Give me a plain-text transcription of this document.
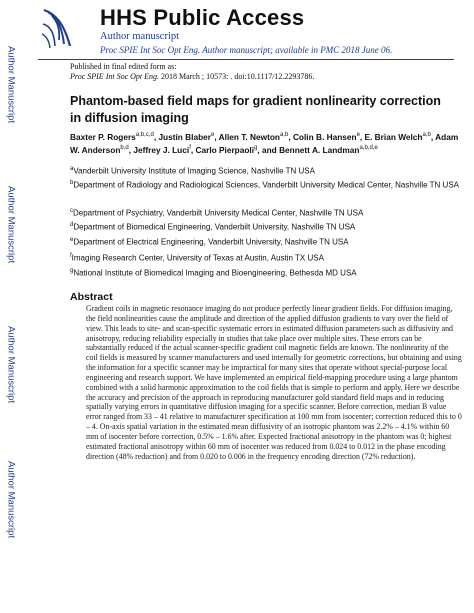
Author Manuscript
Author Manuscript
Author Manuscript
Author Manuscript
HHS Public Access
Author manuscript
Proc SPIE Int Soc Opt Eng. Author manuscript; available in PMC 2018 June 06.
Published in final edited form as:
Proc SPIE Int Soc Opt Eng. 2018 March ; 10573: . doi:10.1117/12.2293786.
Phantom-based field maps for gradient nonlinearity correction in diffusion imaging
Baxter P. Rogers$^{a,b,c,d}$, Justin Blaber$^e$, Allen T. Newton$^{a,b}$, Colin B. Hansen$^e$, E. Brian Welch$^{a,b}$, Adam W. Anderson$^{b,d}$, Jeffrey J. Luci$^f$, Carlo Pierpaoli$^g$, and Bennett A. Landman$^{a,b,d,e}$
$^a$Vanderbilt University Institute of Imaging Science, Nashville TN USA
$^b$Department of Radiology and Radiological Sciences, Vanderbilt University Medical Center, Nashville TN USA
$^c$Department of Psychiatry, Vanderbilt University Medical Center, Nashville TN USA
$^d$Department of Biomedical Engineering, Vanderbilt University, Nashville TN USA
$^e$Department of Electrical Engineering, Vanderbilt University, Nashville TN USA
$^f$Imaging Research Center, University of Texas at Austin, Austin TX USA
$^g$National Institute of Biomedical Imaging and Bioengineering, Bethesda MD USA
Abstract
Gradient coils in magnetic resonance imaging do not produce perfectly linear gradient fields. For diffusion imaging, the field nonlinearities cause the amplitude and direction of the applied diffusion gradients to vary over the field of view. This leads to site- and scan-specific systematic errors in estimated diffusion parameters such as diffusivity and anisotropy, reducing reliability especially in studies that take place over multiple sites. These errors can be substantially reduced if the actual scanner-specific gradient coil magnetic fields are known. The nonlinearity of the coil fields is measured by scanner manufacturers and used internally for geometric corrections, but obtaining and using the information for a specific scanner may be impractical for many sites that operate without special-purpose local engineering and research support. We have implemented an empirical field-mapping procedure using a large phantom combined with a solid harmonic approximation to the coil fields that is simple to perform and apply. Here we describe the accuracy and precision of the approach in reproducing manufacturer gold standard field maps and in reducing spatially varying errors in quantitative diffusion imaging for a specific scanner. Before correction, median B value error ranged from 33 – 41 relative to manufacturer specification at 100 mm from isocenter; correction reduced this to 0 – 4. On-axis spatial variation in the estimated mean diffusivity of an isotropic phantom was 2.2% – 4.1% within 60 mm of isocenter before correction, 0.5% – 1.6% after. Expected fractional anisotropy in the phantom was 0; highest estimated fractional anisotropy within 60 mm of isocenter was reduced from 0.024 to 0.012 in the phase encoding direction (48% reduction) and from 0.020 to 0.006 in the frequency encoding direction (72% reduction).
